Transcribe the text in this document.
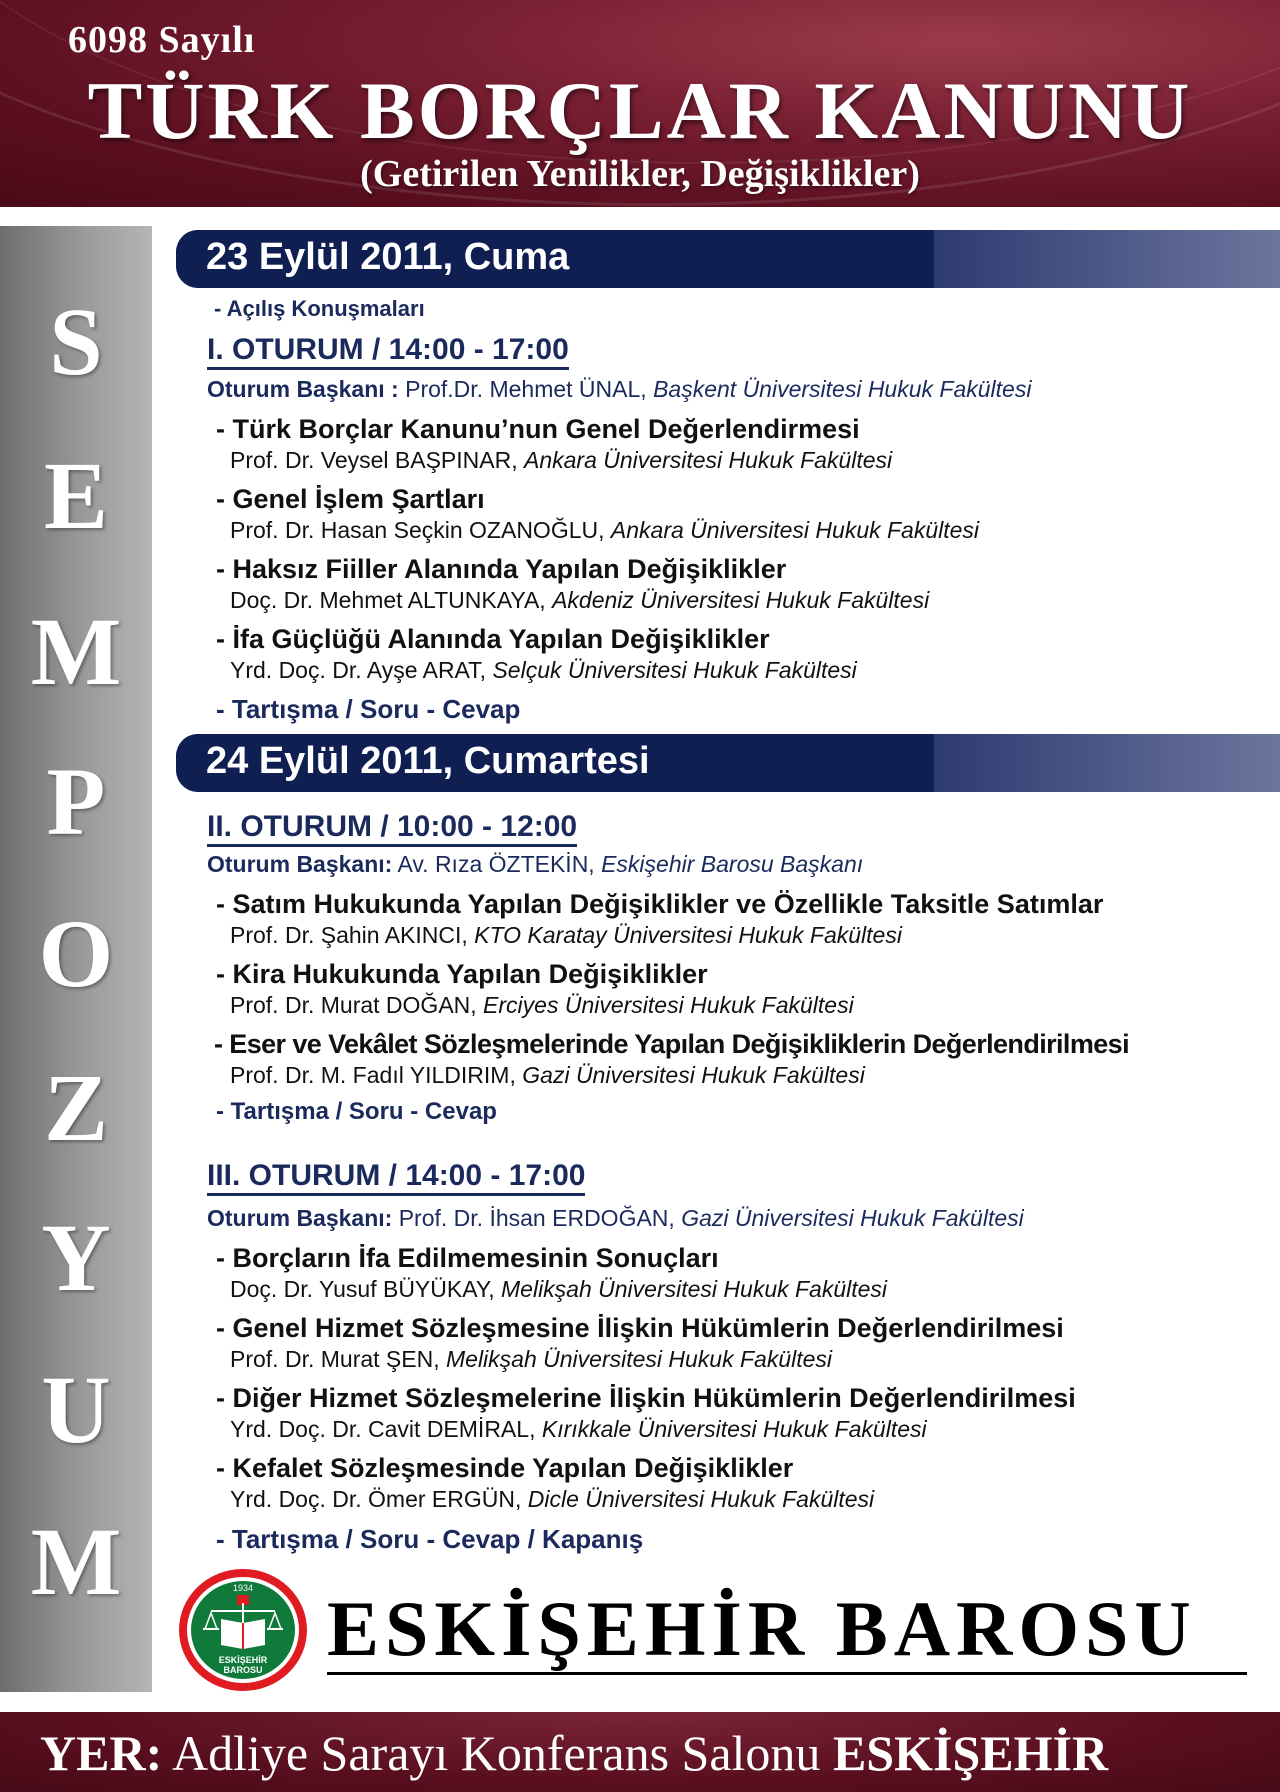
6098 Sayılı
TÜRK BORÇLAR KANUNU
(Getirilen Yenilikler, Değişiklikler)
S
E
M
P
O
Z
Y
U
M
23 Eylül 2011, Cuma
- Açılış Konuşmaları
I. OTURUM / 14:00 - 17:00
Oturum Başkanı : Prof.Dr. Mehmet ÜNAL, Başkent Üniversitesi Hukuk Fakültesi
- Türk Borçlar Kanunu’nun Genel Değerlendirmesi
Prof. Dr. Veysel BAŞPINAR, Ankara Üniversitesi Hukuk Fakültesi
- Genel İşlem Şartları
Prof. Dr. Hasan Seçkin OZANOĞLU, Ankara Üniversitesi Hukuk Fakültesi
- Haksız Fiiller Alanında Yapılan Değişiklikler
Doç. Dr. Mehmet ALTUNKAYA, Akdeniz Üniversitesi Hukuk Fakültesi
- İfa Güçlüğü Alanında Yapılan Değişiklikler
Yrd. Doç. Dr. Ayşe ARAT, Selçuk Üniversitesi Hukuk Fakültesi
- Tartışma / Soru - Cevap
24 Eylül 2011, Cumartesi
II. OTURUM / 10:00 - 12:00
Oturum Başkanı: Av. Rıza ÖZTEKİN, Eskişehir Barosu Başkanı
- Satım Hukukunda Yapılan Değişiklikler ve Özellikle Taksitle Satımlar
Prof. Dr. Şahin AKINCI, KTO Karatay Üniversitesi Hukuk Fakültesi
- Kira Hukukunda Yapılan Değişiklikler
Prof. Dr. Murat DOĞAN, Erciyes Üniversitesi Hukuk Fakültesi
- Eser ve Vekâlet Sözleşmelerinde Yapılan Değişikliklerin Değerlendirilmesi
Prof. Dr. M. Fadıl YILDIRIM, Gazi Üniversitesi Hukuk Fakültesi
- Tartışma / Soru - Cevap
III. OTURUM / 14:00 - 17:00
Oturum Başkanı: Prof. Dr. İhsan ERDOĞAN, Gazi Üniversitesi Hukuk Fakültesi
- Borçların İfa Edilmemesinin Sonuçları
Doç. Dr. Yusuf BÜYÜKAY, Melikşah Üniversitesi Hukuk Fakültesi
- Genel Hizmet Sözleşmesine İlişkin Hükümlerin Değerlendirilmesi
Prof. Dr. Murat ŞEN, Melikşah Üniversitesi Hukuk Fakültesi
- Diğer Hizmet Sözleşmelerine İlişkin Hükümlerin Değerlendirilmesi
Yrd. Doç. Dr. Cavit DEMİRAL, Kırıkkale Üniversitesi Hukuk Fakültesi
- Kefalet Sözleşmesinde Yapılan Değişiklikler
Yrd. Doç. Dr. Ömer ERGÜN, Dicle Üniversitesi Hukuk Fakültesi
- Tartışma / Soru - Cevap / Kapanış
1934
ESKİŞEHİR
BAROSU ESKİŞEHİR BAROSU
YER: Adliye Sarayı Konferans Salonu ESKİŞEHİR
